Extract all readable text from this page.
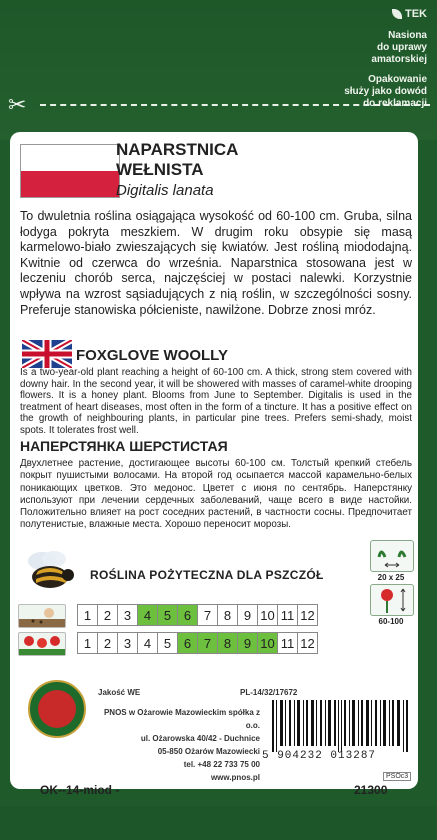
TEK
Nasiona
do uprawy
amatorskiej
Opakowanie
służy jako dowód
do reklamacji
✂
NAPARSTNICA
WEŁNISTA
Digitalis lanata
To dwuletnia roślina osiągająca wysokość od 60-100 cm. Gruba, silna łodyga pokryta meszkiem. W drugim roku obsypie się masą karmelowo-biało zwieszających się kwiatów. Jest rośliną miododajną. Kwitnie od czerwca do września. Naparstnica stosowana jest w leczeniu chorób serca, najczęściej w postaci nalewki. Korzystnie wpływa na wzrost sąsiadujących z nią roślin, w szczególności sosny. Preferuje stanowiska półcieniste, nawilżone. Dobrze znosi mróz.
FOXGLOVE WOOLLY
Is a two-year-old plant reaching a height of 60-100 cm. A thick, strong stem covered with downy hair. In the second year, it will be showered with masses of caramel-white drooping flowers. It is a honey plant. Blooms from June to September. Digitalis is used in the treatment of heart diseases, most often in the form of a tincture. It has a positive effect on the growth of neighbouring plants, in particular pine trees. Prefers semi-shady, moist spots. It tolerates frost well.
НАПЕРСТЯНКА ШЕРСТИСТАЯ
Двухлетнее растение, достигающее высоты 60-100 см. Толстый крепкий стебель покрыт пушистыми волосами. На второй год осыпается массой карамельно-белых поникающих цветков. Это медонос. Цветет с июня по сентябрь. Наперстянку используют при лечении сердечных заболеваний, чаще всего в виде настойки. Положительно влияет на рост соседних растений, в частности сосны. Предпочитает полутенистые, влажные места. Хорошо переносит морозы.
ROŚLINA POŻYTECZNA DLA PSZCZÓŁ	20 x 25
60-100
1 2 3 4 5 6 7 8 9 10 11 12
1 2 3 4 5 6 7 8 9 10 11 12
Jakość WE	PL-14/32/17672
PNOS w Ożarowie Mazowieckim spółka z o.o.
ul. Ożarowska 40/42 - Duchnice
05-850 Ożarów Mazowiecki
tel. +48 22 733 75 00
www.pnos.pl
5 904232 013287
PSOc3
OK--14-miod -	21300
